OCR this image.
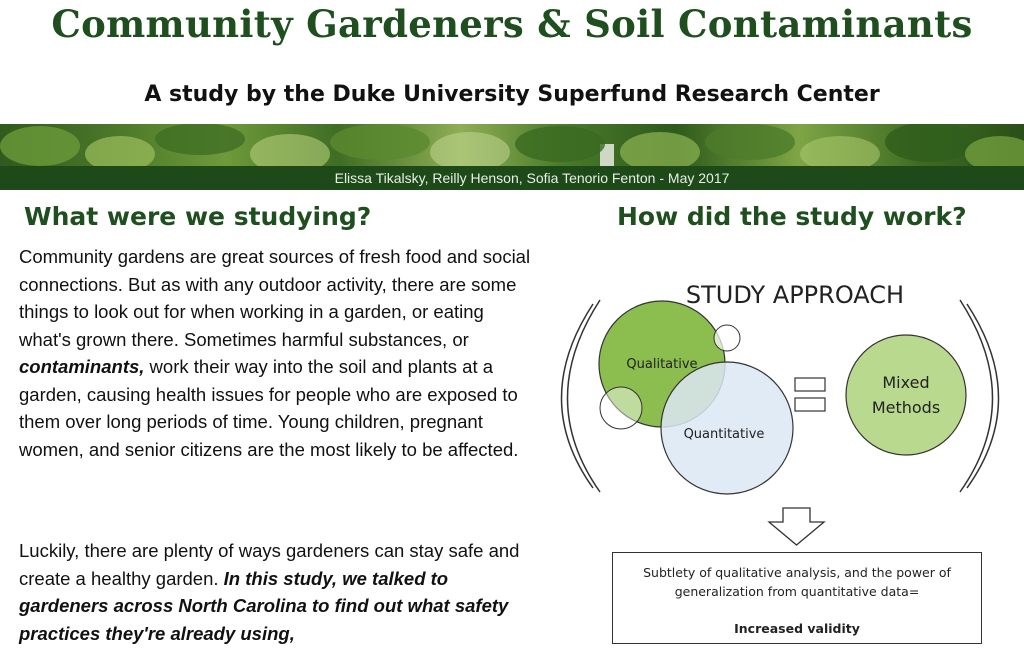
Community Gardeners & Soil Contaminants
A study by the Duke University Superfund Research Center
Elissa Tikalsky, Reilly Henson, Sofia Tenorio Fenton - May 2017
What were we studying?	How did the study work?
Community gardens are great sources of fresh food and social connections. But as with any outdoor activity, there are some things to look out for when working in a garden, or eating what's grown there. Sometimes harmful substances, or contaminants, work their way into the soil and plants at a garden, causing health issues for people who are exposed to them over long periods of time. Young children, pregnant women, and senior citizens are the most likely to be affected.
Luckily, there are plenty of ways gardeners can stay safe and create a healthy garden. In this study, we talked to gardeners across North Carolina to find out what safety practices they're already using,
STUDY APPROACH
Qualitative
Quantitative
Mixed
Methods
Subtlety of qualitative analysis, and the power of
generalization from quantitative data=
Increased validity
